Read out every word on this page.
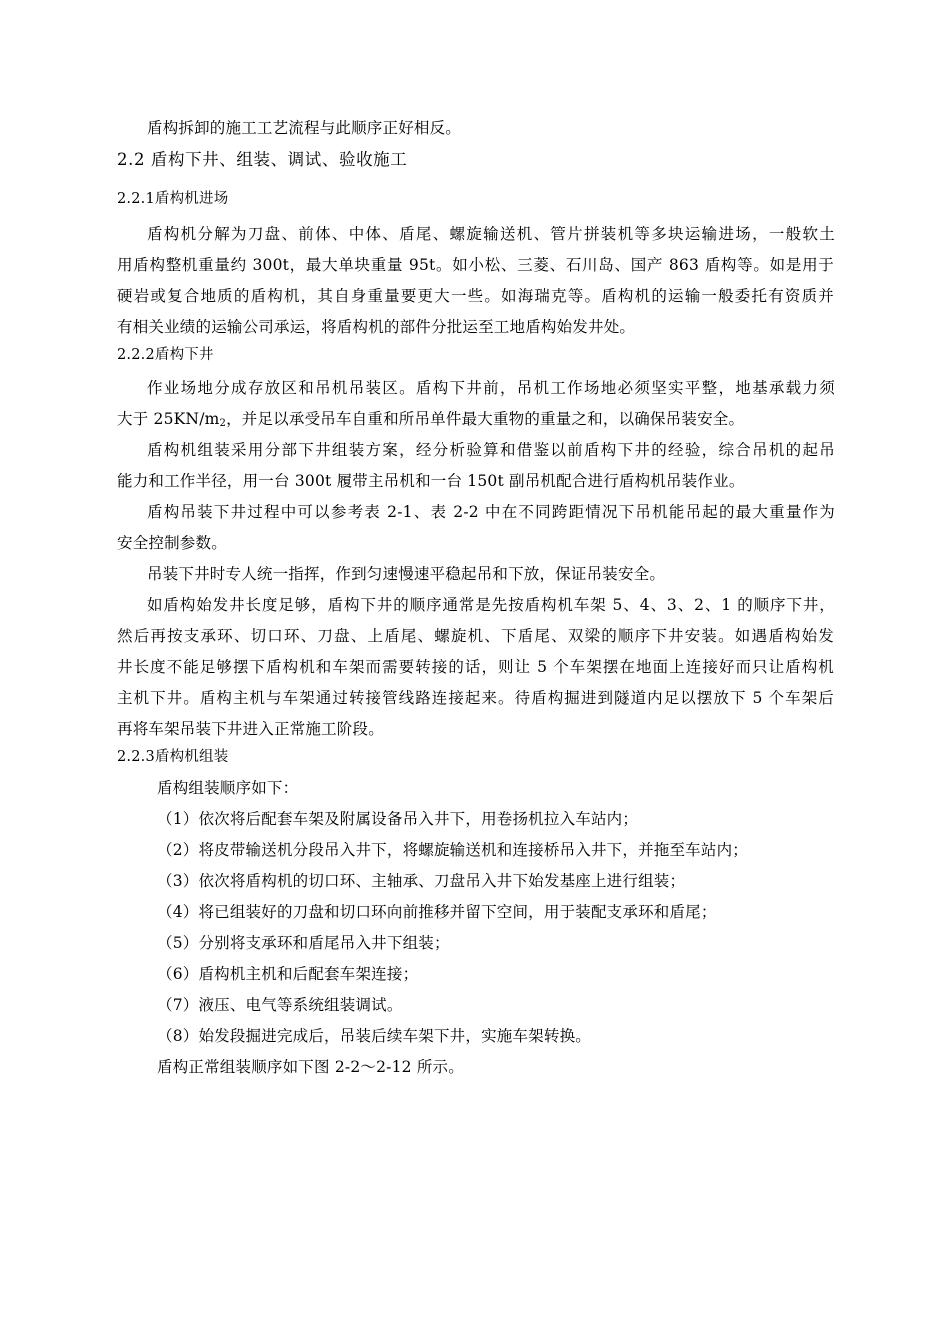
盾构拆卸的施工工艺流程与此顺序正好相反。
2.2 盾构下井、组装、调试、验收施工
2.2.1盾构机进场
盾构机分解为刀盘、前体、中体、盾尾、螺旋输送机、管片拼装机等多块运输进场，一般软土
用盾构整机重量约 300t，最大单块重量 95t。如小松、三菱、石川岛、国产 863 盾构等。如是用于
硬岩或复合地质的盾构机，其自身重量要更大一些。如海瑞克等。盾构机的运输一般委托有资质并
有相关业绩的运输公司承运，将盾构机的部件分批运至工地盾构始发井处。
2.2.2盾构下井
作业场地分成存放区和吊机吊装区。盾构下井前，吊机工作场地必须坚实平整，地基承载力须
大于 $25KN/m_2$，并足以承受吊车自重和所吊单件最大重物的重量之和，以确保吊装安全。
盾构机组装采用分部下井组装方案，经分析验算和借鉴以前盾构下井的经验，综合吊机的起吊
能力和工作半径，用一台 300t 履带主吊机和一台 150t 副吊机配合进行盾构机吊装作业。
盾构吊装下井过程中可以参考表 2-1、表 2-2 中在不同跨距情况下吊机能吊起的最大重量作为
安全控制参数。
吊装下井时专人统一指挥，作到匀速慢速平稳起吊和下放，保证吊装安全。
如盾构始发井长度足够，盾构下井的顺序通常是先按盾构机车架 5、4、3、2、1 的顺序下井，
然后再按支承环、切口环、刀盘、上盾尾、螺旋机、下盾尾、双梁的顺序下井安装。如遇盾构始发
井长度不能足够摆下盾构机和车架而需要转接的话，则让 5 个车架摆在地面上连接好而只让盾构机
主机下井。盾构主机与车架通过转接管线路连接起来。待盾构掘进到隧道内足以摆放下 5 个车架后
再将车架吊装下井进入正常施工阶段。
2.2.3盾构机组装
盾构组装顺序如下：
（1）依次将后配套车架及附属设备吊入井下，用卷扬机拉入车站内；
（2）将皮带输送机分段吊入井下，将螺旋输送机和连接桥吊入井下，并拖至车站内；
（3）依次将盾构机的切口环、主轴承、刀盘吊入井下始发基座上进行组装；
（4）将已组装好的刀盘和切口环向前推移并留下空间，用于装配支承环和盾尾；
（5）分别将支承环和盾尾吊入井下组装；
（6）盾构机主机和后配套车架连接；
（7）液压、电气等系统组装调试。
（8）始发段掘进完成后，吊装后续车架下井，实施车架转换。
盾构正常组装顺序如下图 2-2～2-12 所示。
